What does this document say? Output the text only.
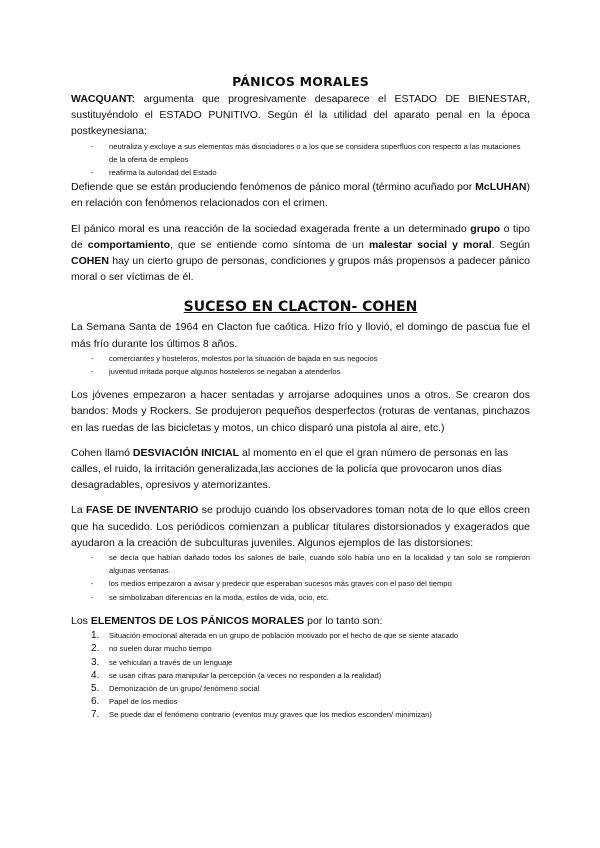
PÁNICOS MORALES

WACQUANT: argumenta que progresivamente desaparece el ESTADO DE BIENESTAR, sustituyéndolo el ESTADO PUNITIVO. Según él la utilidad del aparato penal en la época postkeynesiana:

- neutraliza y excluye a sus elementos más disociadores o a los que se considera superfluos con respecto a las mutaciones de la oferta de empleos
- reafirma la autoridad del Estado

Defiende que se están produciendo fenómenos de pánico moral (término acuñado por McLUHAN) en relación con fenómenos relacionados con el crimen.

El pánico moral es una reacción de la sociedad exagerada frente a un determinado grupo o tipo de comportamiento, que se entiende como síntoma de un malestar social y moral. Según COHEN hay un cierto grupo de personas, condiciones y grupos más propensos a padecer pánico moral o ser víctimas de él.

SUCESO EN CLACTON- COHEN

La Semana Santa de 1964 en Clacton fue caótica. Hizo frío y llovió, el domingo de pascua fue el más frío durante los últimos 8 años.

- comerciantes y hosteleros, molestos por la situación de bajada en sus negocios
- juventud irritada porque algunos hosteleros se negaban a atenderlos

Los jóvenes empezaron a hacer sentadas y arrojarse adoquines unos a otros. Se crearon dos bandos: Mods y Rockers. Se produjeron pequeños desperfectos (roturas de ventanas, pinchazos en las ruedas de las bicicletas y motos, un chico disparó una pistola al aire, etc.)

Cohen llamó DESVIACIÓN INICIAL al momento en el que el gran número de personas en las calles, el ruido, la irritación generalizada,las acciones de la policía que provocaron unos días desagradables, opresivos y atemorizantes.

La FASE DE INVENTARIO se produjo cuando los observadores toman nota de lo que ellos creen que ha sucedido. Los periódicos comienzan a publicar titulares distorsionados y exagerados que ayudaron a la creación de subculturas juveniles. Algunos ejemplos de las distorsiones:

- se decía que habían dañado todos los salones de baile, cuando sólo había uno en la localidad y tan solo se rompieron algunas ventanas.
- los medios empezaron a avisar y predecir que esperaban sucesos más graves con el paso del tiempo
- se simbolizaban diferencias en la moda, estilos de vida, ocio, etc.

Los ELEMENTOS DE LOS PÁNICOS MORALES por lo tanto son:

1. Situación emocional alterada en un grupo de población motivado por el hecho de que se siente atacado
2. no suelen durar mucho tiempo
3. se vehiculan a través de un lenguaje
4. se usan cifras para manipular la percepción (a veces no responden a la realidad)
5. Demonización de un grupo/ fenómeno social
6. Papel de los medios
7. Se puede dar el fenómeno contrario (eventos muy graves que los medios esconden/ minimizan)
